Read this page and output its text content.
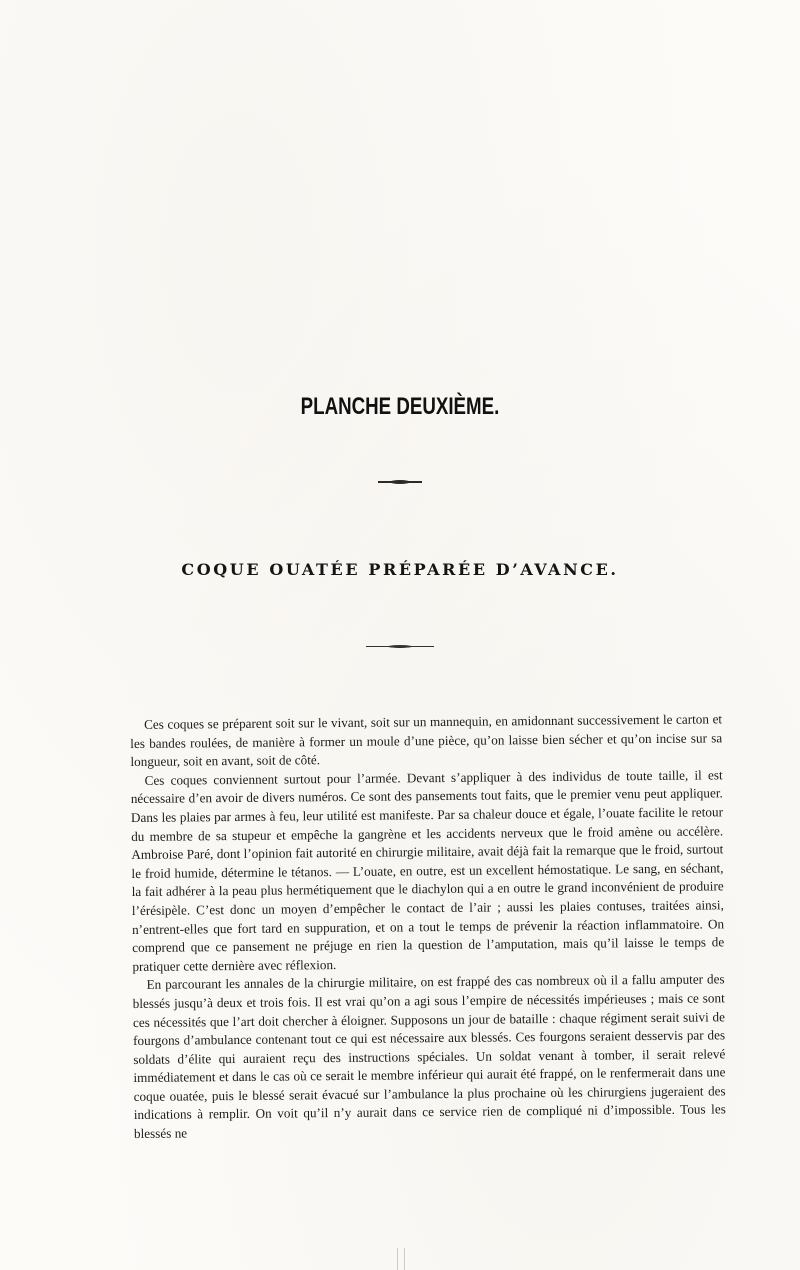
PLANCHE DEUXIÈME.
COQUE OUATÉE PRÉPARÉE D’AVANCE.

Ces coques se préparent soit sur le vivant, soit sur un mannequin, en amidonnant successivement le carton et les bandes roulées, de manière à former un moule d’une pièce, qu’on laisse bien sécher et qu’on incise sur sa longueur, soit en avant, soit de côté.

Ces coques conviennent surtout pour l’armée. Devant s’appliquer à des individus de toute taille, il est nécessaire d’en avoir de divers numéros. Ce sont des pansements tout faits, que le premier venu peut appliquer. Dans les plaies par armes à feu, leur utilité est manifeste. Par sa chaleur douce et égale, l’ouate facilite le retour du membre de sa stupeur et empêche la gangrène et les accidents nerveux que le froid amène ou accélère. Ambroise Paré, dont l’opinion fait autorité en chirurgie militaire, avait déjà fait la remarque que le froid, surtout le froid humide, détermine le tétanos. — L’ouate, en outre, est un excellent hémostatique. Le sang, en séchant, la fait adhérer à la peau plus hermétiquement que le diachylon qui a en outre le grand inconvénient de produire l’érésipèle. C’est donc un moyen d’empêcher le contact de l’air ; aussi les plaies contuses, traitées ainsi, n’entrent-elles que fort tard en suppuration, et on a tout le temps de prévenir la réaction inflammatoire. On comprend que ce pansement ne préjuge en rien la question de l’amputation, mais qu’il laisse le temps de pratiquer cette dernière avec réflexion.

En parcourant les annales de la chirurgie militaire, on est frappé des cas nombreux où il a fallu amputer des blessés jusqu’à deux et trois fois. Il est vrai qu’on a agi sous l’empire de nécessités impérieuses ; mais ce sont ces nécessités que l’art doit chercher à éloigner. Supposons un jour de bataille : chaque régiment serait suivi de fourgons d’ambulance contenant tout ce qui est nécessaire aux blessés. Ces fourgons seraient desservis par des soldats d’élite qui auraient reçu des instructions spéciales. Un soldat venant à tomber, il serait relevé immédiatement et dans le cas où ce serait le membre inférieur qui aurait été frappé, on le renfermerait dans une coque ouatée, puis le blessé serait évacué sur l’ambulance la plus prochaine où les chirurgiens jugeraient des indications à remplir. On voit qu’il n’y aurait dans ce service rien de compliqué ni d’impossible. Tous les blessés ne
